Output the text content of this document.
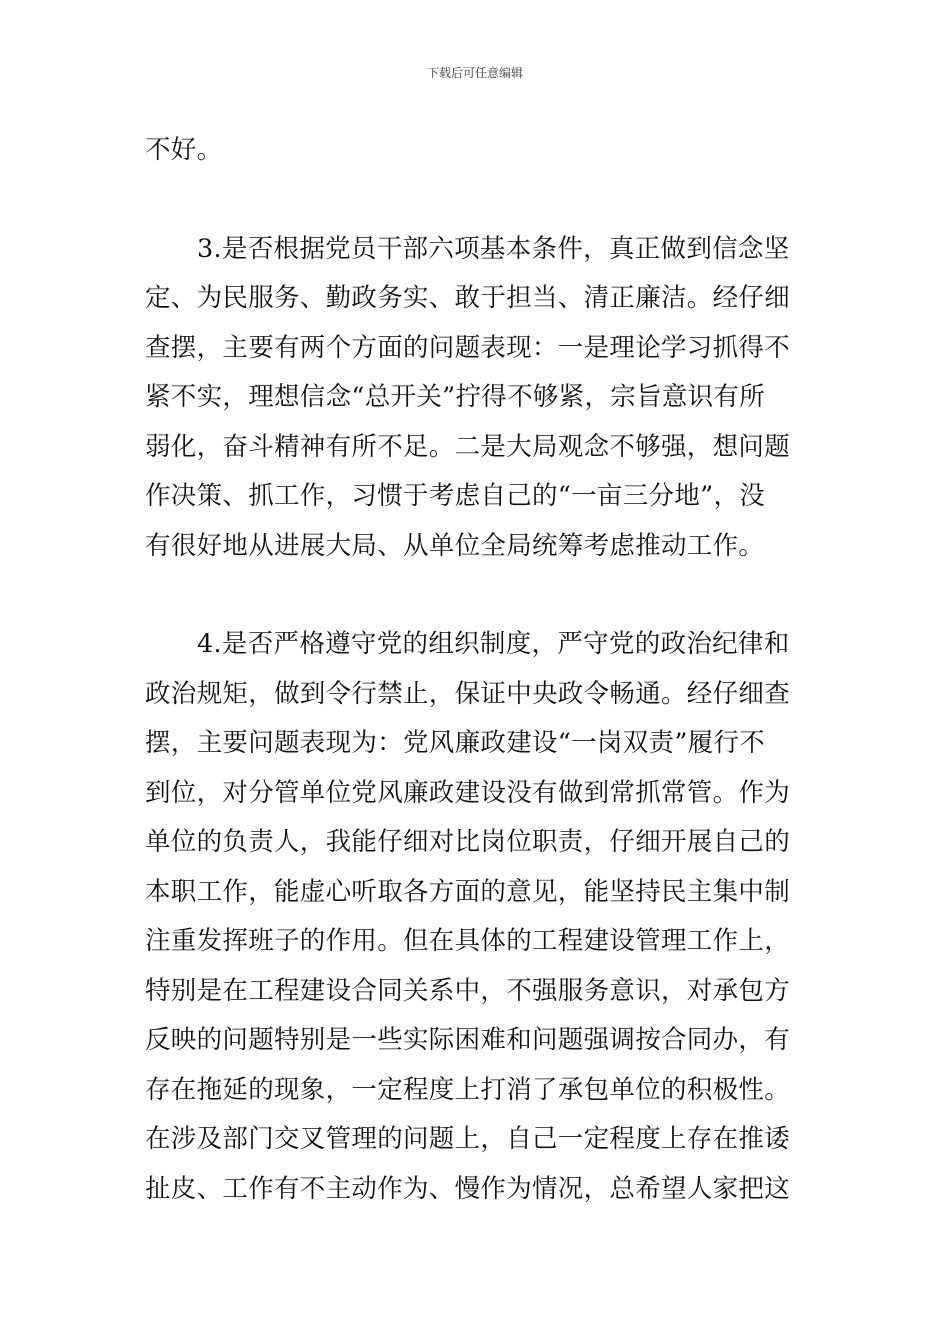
下载后可任意编辑
不好。
3.是否根据党员干部六项基本条件，真正做到信念坚
定、为民服务、勤政务实、敢于担当、清正廉洁。经仔细
查摆，主要有两个方面的问题表现：一是理论学习抓得不
紧不实，理想信念“总开关”拧得不够紧，宗旨意识有所
弱化，奋斗精神有所不足。二是大局观念不够强，想问题
作决策、抓工作，习惯于考虑自己的“一亩三分地”，没
有很好地从进展大局、从单位全局统筹考虑推动工作。
4.是否严格遵守党的组织制度，严守党的政治纪律和
政治规矩，做到令行禁止，保证中央政令畅通。经仔细查
摆，主要问题表现为：党风廉政建设“一岗双责”履行不
到位，对分管单位党风廉政建设没有做到常抓常管。作为
单位的负责人，我能仔细对比岗位职责，仔细开展自己的
本职工作，能虚心听取各方面的意见，能坚持民主集中制
注重发挥班子的作用。但在具体的工程建设管理工作上，
特别是在工程建设合同关系中，不强服务意识，对承包方
反映的问题特别是一些实际困难和问题强调按合同办，有
存在拖延的现象，一定程度上打消了承包单位的积极性。
在涉及部门交叉管理的问题上，自己一定程度上存在推诿
扯皮、工作有不主动作为、慢作为情况，总希望人家把这
